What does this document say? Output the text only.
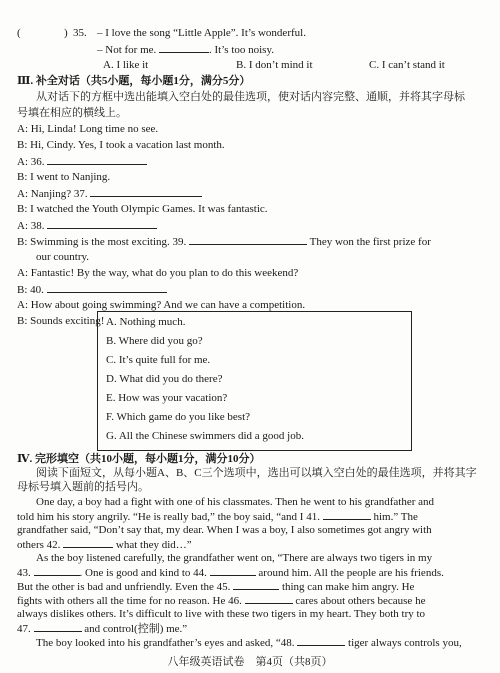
(	) 35. – I love the song “Little Apple”. It’s wonderful.
– Not for me.	. It’s too noisy.
A. I like it	B. I don’t mind it	C. I can’t stand it
Ⅲ. 补全对话（共5小题，每小题1分，满分5分）
从对话下的方框中选出能填入空白处的最佳选项，使对话内容完整、通顺，并将其字母标
号填在相应的横线上。
A: Hi, Linda! Long time no see.
B: Hi, Cindy. Yes, I took a vacation last month.
A: 36.
B: I went to Nanjing.
A: Nanjing? 37.
B: I watched the Youth Olympic Games. It was fantastic.
A: 38.
B: Swimming is the most exciting. 39.	They won the first prize for
our country.
A: Fantastic! By the way, what do you plan to do this weekend?
B: 40.
A: How about going swimming? And we can have a competition.
B: Sounds exciting! A. Nothing much.
B. Where did you go?
C. It’s quite full for me.
D. What did you do there?
E. How was your vacation?
F. Which game do you like best?
G. All the Chinese swimmers did a good job.
Ⅳ. 完形填空（共10小题，每小题1分，满分10分）
阅读下面短文，从每小题A、B、C三个选项中，选出可以填入空白处的最佳选项，并将其字
母标号填入题前的括号内。
One day, a boy had a fight with one of his classmates. Then he went to his grandfather and
told him his story angrily. “He is really bad,” the boy said, “and I 41.	him.” The
grandfather said, “Don’t say that, my dear. When I was a boy, I also sometimes got angry with
others 42.	what they did…”
As the boy listened carefully, the grandfather went on, “There are always two tigers in my
43.	. One is good and kind to 44.	around him. All the people are his friends.
But the other is bad and unfriendly. Even the 45.	thing can make him angry. He
fights with others all the time for no reason. He 46.	cares about others because he
always dislikes others. It’s difficult to live with these two tigers in my heart. They both try to
47.	and control(控制) me.”
The boy looked into his grandfather’s eyes and asked, “48.	tiger always controls you,
八年级英语试卷　第4页（共8页）
